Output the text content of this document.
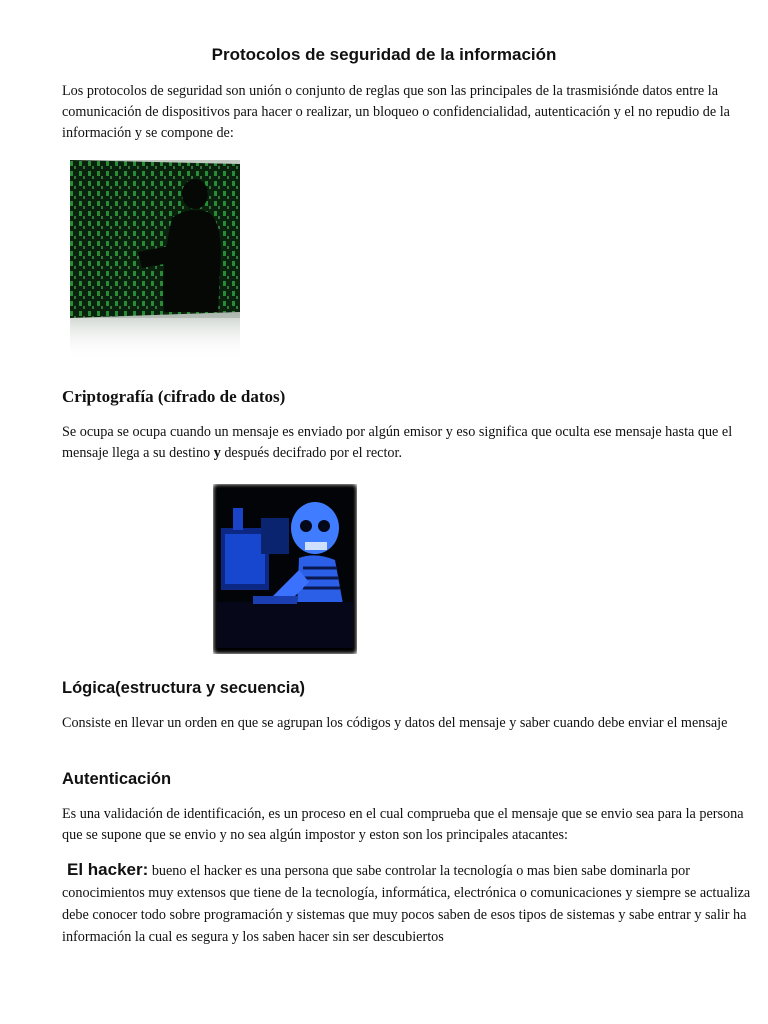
Protocolos de seguridad de la información

Los protocolos de seguridad son unión o conjunto de reglas que son las principales de la trasmisiónde datos entre la comunicación de dispositivos para hacer o realizar, un bloqueo o confidencialidad, autenticación y el no repudio de la información y se compone de:

Criptografía (cifrado de datos)

Se ocupa se ocupa cuando un mensaje es enviado por algún emisor y eso significa que oculta ese mensaje hasta que el mensaje llega a su destino y después decifrado por el rector.

Lógica(estructura y secuencia)

Consiste en llevar un orden en que se agrupan los códigos y datos del mensaje y saber cuando debe enviar el mensaje

Autenticación

Es una validación de identificación, es un proceso en el cual comprueba que el mensaje que se envio sea para la persona que se supone que se envio y no sea algún impostor y eston son los principales atacantes:

El hacker: bueno el hacker es una persona que sabe controlar la tecnología o mas bien sabe dominarla por conocimientos muy extensos que tiene de la tecnología, informática, electrónica o comunicaciones y siempre se actualiza debe conocer todo sobre programación y sistemas que muy pocos saben de esos tipos de sistemas y sabe entrar y salir ha información la cual es segura y los saben hacer sin ser descubiertos
